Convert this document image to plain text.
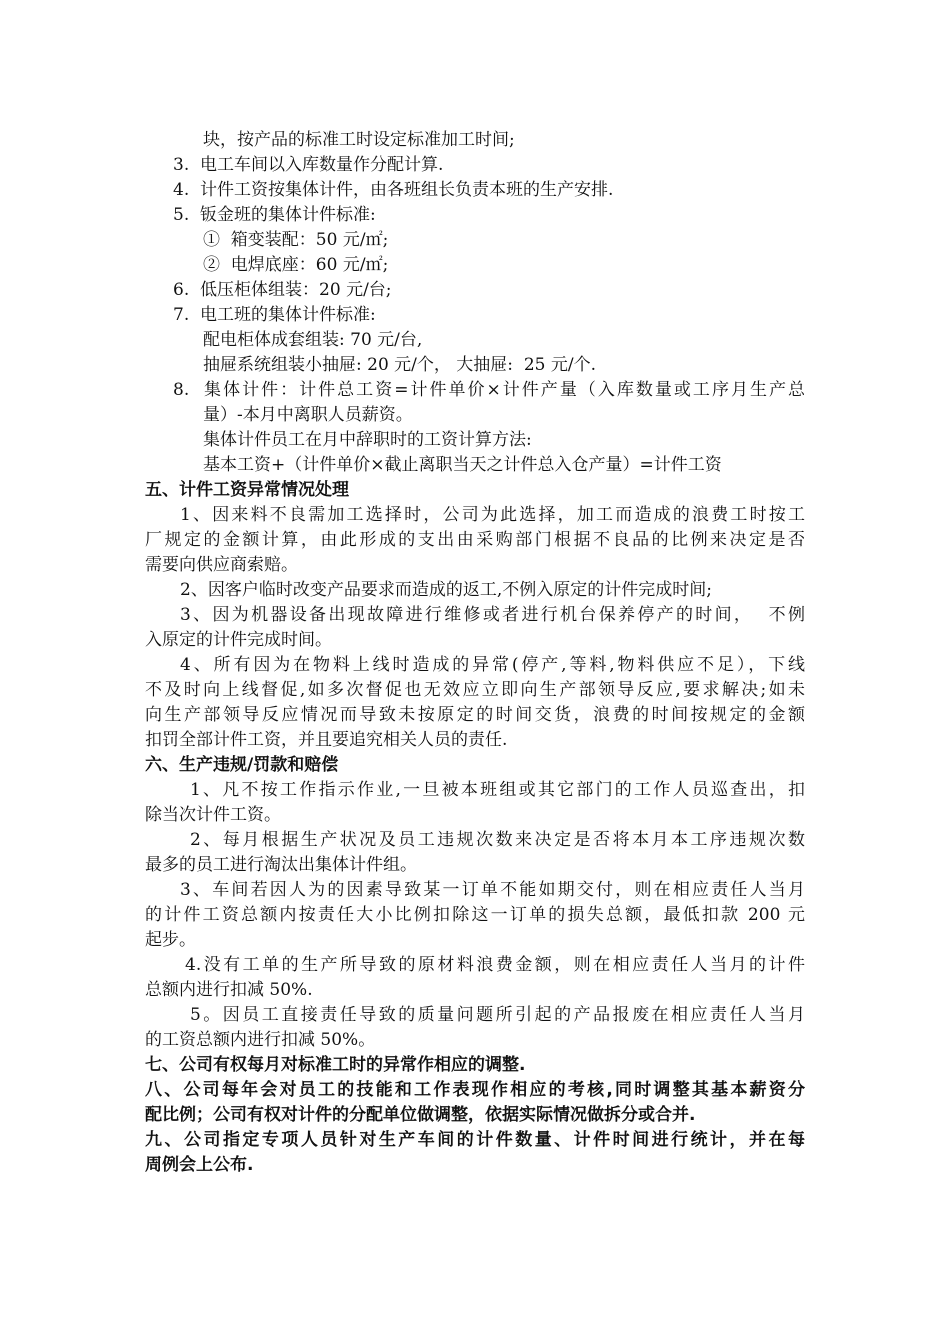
块，按产品的标准工时设定标准加工时间;
3.  电工车间以入库数量作分配计算.
4.  计件工资按集体计件，由各班组长负责本班的生产安排.
5.  钣金班的集体计件标准:
①  箱变装配：50 元/㎡;
②  电焊底座：60 元/㎡;
6.  低压柜体组装：20 元/台;
7.  电工班的集体计件标准:
配电柜体成套组装: 70 元/台,
抽屉系统组装小抽屉: 20 元/个， 大抽屉:  25 元/个.
8.  集体计件：计件总工资=计件单价×计件产量（入库数量或工序月生产总
量）-本月中离职人员薪资。
集体计件员工在月中辞职时的工资计算方法:
基本工资+（计件单价×截止离职当天之计件总入仓产量）=计件工资
五、计件工资异常情况处理
1、因来料不良需加工选择时，公司为此选择，加工而造成的浪费工时按工
厂规定的金额计算，由此形成的支出由采购部门根据不良品的比例来决定是否
需要向供应商索赔。
2、因客户临时改变产品要求而造成的返工,不例入原定的计件完成时间;
3、因为机器设备出现故障进行维修或者进行机台保养停产的时间，  不例
入原定的计件完成时间。
4、所有因为在物料上线时造成的异常(停产,等料,物料供应不足），下线
不及时向上线督促,如多次督促也无效应立即向生产部领导反应,要求解决;如未
向生产部领导反应情况而导致未按原定的时间交货，浪费的时间按规定的金额
扣罚全部计件工资，并且要追究相关人员的责任.
六、生产违规/罚款和赔偿
1、凡不按工作指示作业,一旦被本班组或其它部门的工作人员巡查出，扣
除当次计件工资。
2、每月根据生产状况及员工违规次数来决定是否将本月本工序违规次数
最多的员工进行淘汰出集体计件组。
3、车间若因人为的因素导致某一订单不能如期交付，则在相应责任人当月
的计件工资总额内按责任大小比例扣除这一订单的损失总额，最低扣款 200 元
起步。
4.没有工单的生产所导致的原材料浪费金额，则在相应责任人当月的计件
总额内进行扣减 50%.
5。因员工直接责任导致的质量问题所引起的产品报废在相应责任人当月
的工资总额内进行扣减 50%。
七、公司有权每月对标准工时的异常作相应的调整.
八、公司每年会对员工的技能和工作表现作相应的考核,同时调整其基本薪资分
配比例；公司有权对计件的分配单位做调整，依据实际情况做拆分或合并.
九、公司指定专项人员针对生产车间的计件数量、计件时间进行统计，并在每
周例会上公布.
